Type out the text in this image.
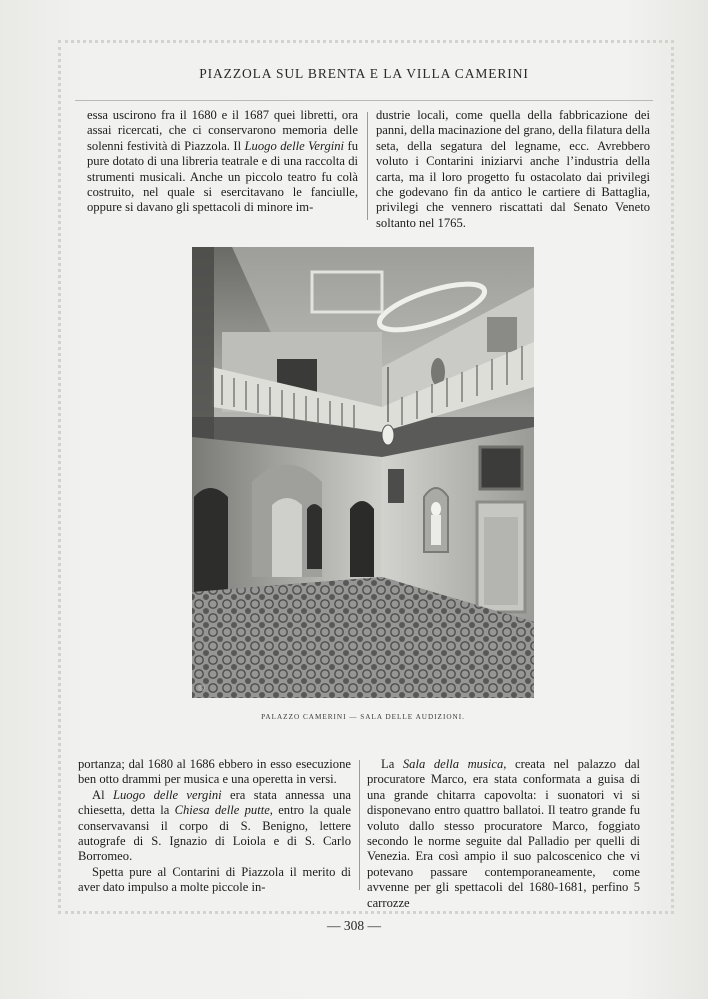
PIAZZOLA SUL BRENTA E LA VILLA CAMERINI

essa uscirono fra il 1680 e il 1687 quei libretti, ora assai ricercati, che ci conservarono memoria delle solenni festività di Piazzola. Il Luogo delle Vergini fu pure dotato di una libreria teatrale e di una raccolta di strumenti musicali. Anche un piccolo teatro fu colà costruito, nel quale si esercitavano le fanciulle, oppure si davano gli spettacoli di minore im-

dustrie locali, come quella della fabbricazione dei panni, della macinazione del grano, della filatura della seta, della segatura del legname, ecc. Avrebbero voluto i Contarini iniziarvi anche l’industria della carta, ma il loro progetto fu ostacolato dai privilegi che godevano fin da antico le cartiere di Battaglia, privilegi che vennero riscattati dal Senato Veneto soltanto nel 1765.

©
PALAZZO CAMERINI — SALA DELLE AUDIZIONI.

portanza; dal 1680 al 1686 ebbero in esso esecuzione ben otto drammi per musica e una operetta in versi.

Al Luogo delle vergini era stata annessa una chiesetta, detta la Chiesa delle putte, entro la quale conservavansi il corpo di S. Benigno, lettere autografe di S. Ignazio di Loiola e di S. Carlo Borromeo.

Spetta pure al Contarini di Piazzola il merito di aver dato impulso a molte piccole in-

La Sala della musica, creata nel palazzo dal procuratore Marco, era stata conformata a guisa di una grande chitarra capovolta: i suonatori vi si disponevano entro quattro ballatoi. Il teatro grande fu voluto dallo stesso procuratore Marco, foggiato secondo le norme seguite dal Palladio per quelli di Venezia. Era così ampio il suo palcoscenico che vi potevano passare contemporaneamente, come avvenne per gli spettacoli del 1680-1681, perfino 5 carrozze

— 308 —
